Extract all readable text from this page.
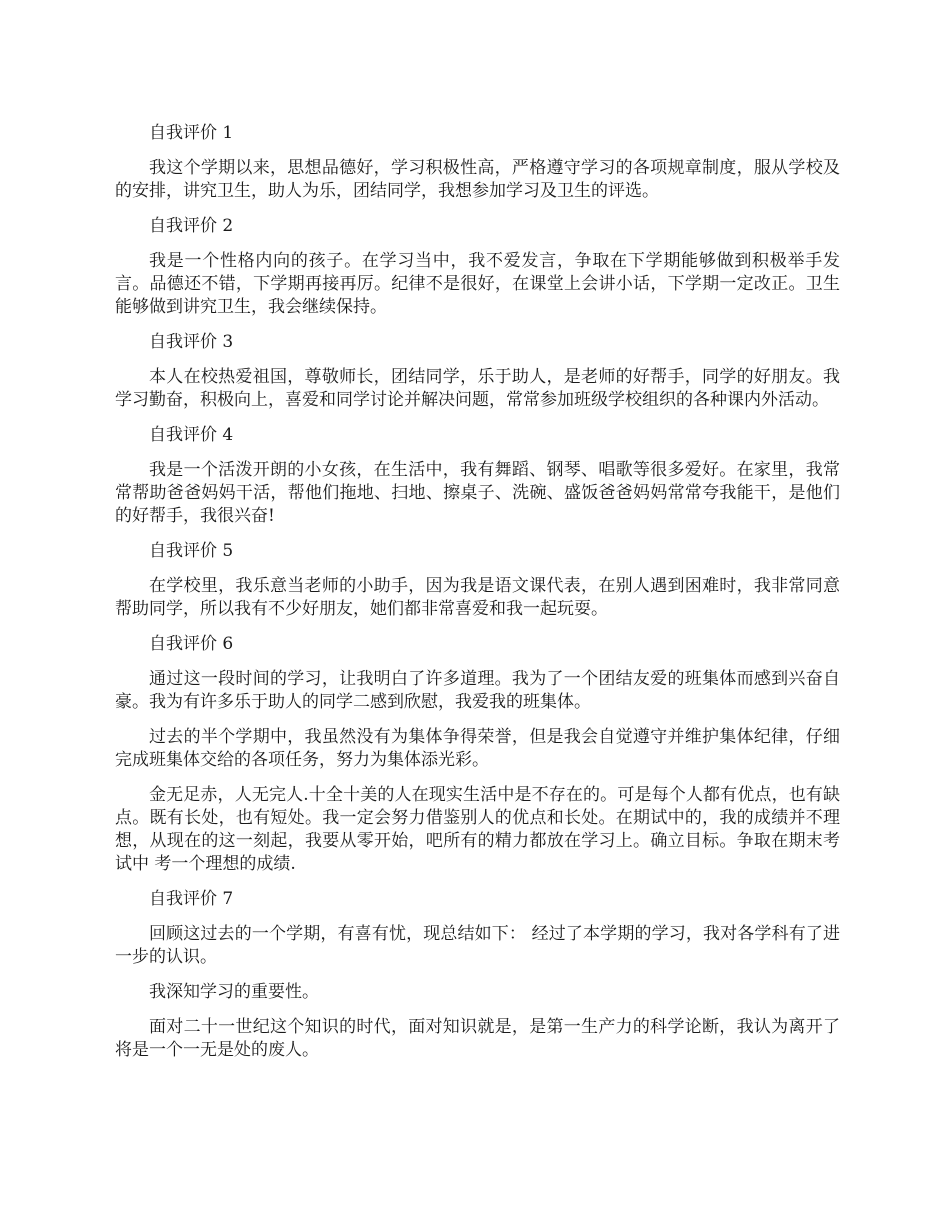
自我评价 1

我这个学期以来，思想品德好，学习积极性高，严格遵守学习的各项规章制度，服从学校及的安排，讲究卫生，助人为乐，团结同学，我想参加学习及卫生的评选。

自我评价 2

我是一个性格内向的孩子。在学习当中，我不爱发言，争取在下学期能够做到积极举手发言。品德还不错，下学期再接再厉。纪律不是很好，在课堂上会讲小话，下学期一定改正。卫生能够做到讲究卫生，我会继续保持。

自我评价 3

本人在校热爱祖国，尊敬师长，团结同学，乐于助人，是老师的好帮手，同学的好朋友。我学习勤奋，积极向上，喜爱和同学讨论并解决问题，常常参加班级学校组织的各种课内外活动。

自我评价 4

我是一个活泼开朗的小女孩，在生活中，我有舞蹈、钢琴、唱歌等很多爱好。在家里，我常常帮助爸爸妈妈干活，帮他们拖地、扫地、擦桌子、洗碗、盛饭爸爸妈妈常常夸我能干，是他们的好帮手，我很兴奋!

自我评价 5

在学校里，我乐意当老师的小助手，因为我是语文课代表，在别人遇到困难时，我非常同意帮助同学，所以我有不少好朋友，她们都非常喜爱和我一起玩耍。

自我评价 6

通过这一段时间的学习，让我明白了许多道理。我为了一个团结友爱的班集体而感到兴奋自豪。我为有许多乐于助人的同学二感到欣慰，我爱我的班集体。

过去的半个学期中，我虽然没有为集体争得荣誉，但是我会自觉遵守并维护集体纪律，仔细完成班集体交给的各项任务，努力为集体添光彩。

金无足赤，人无完人.十全十美的人在现实生活中是不存在的。可是每个人都有优点，也有缺点。既有长处，也有短处。我一定会努力借鉴别人的优点和长处。在期试中的，我的成绩并不理想，从现在的这一刻起，我要从零开始，吧所有的精力都放在学习上。确立目标。争取在期末考试中 考一个理想的成绩.

自我评价 7

回顾这过去的一个学期，有喜有忧，现总结如下： 经过了本学期的学习，我对各学科有了进一步的认识。

我深知学习的重要性。

面对二十一世纪这个知识的时代，面对知识就是，是第一生产力的科学论断，我认为离开了将是一个一无是处的废人。
